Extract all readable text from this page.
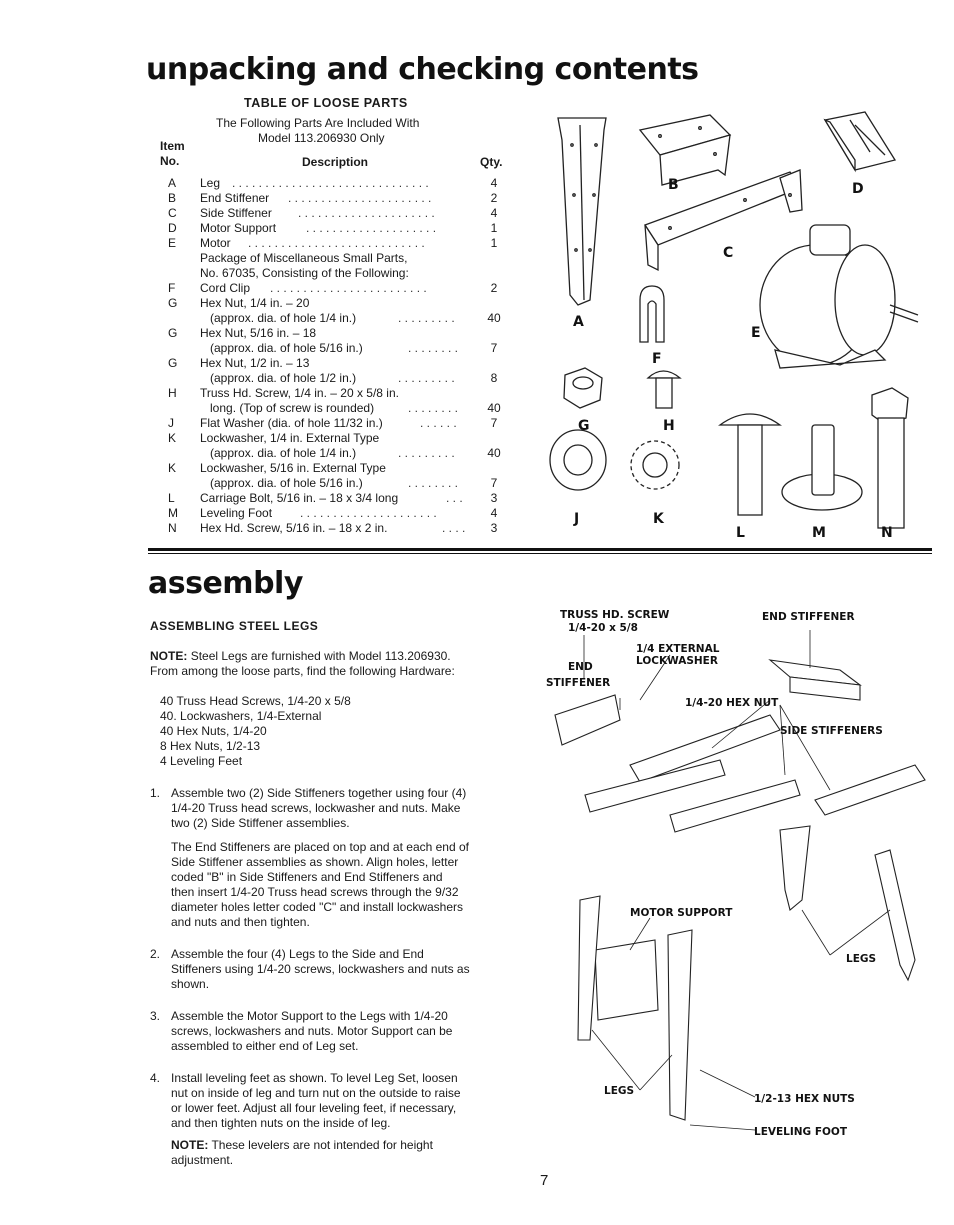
unpacking and checking contents
TABLE OF LOOSE PARTS
The Following Parts Are Included With
Model 113.206930 Only
Item
No.	Description	Qty.
A	Leg . . . . . . . . . . . . . . . . . . . . . . . . . . . . . .	4
B	End Stiffener . . . . . . . . . . . . . . . . . . . . . .	2
C	Side Stiffener . . . . . . . . . . . . . . . . . . . . .	4
D	Motor Support . . . . . . . . . . . . . . . . . . . .	1
E	Motor . . . . . . . . . . . . . . . . . . . . . . . . . . .	1
Package of Miscellaneous Small Parts,
No. 67035, Consisting of the Following:
F	Cord Clip . . . . . . . . . . . . . . . . . . . . . . . .	2
G	Hex Nut, 1/4 in. – 20
(approx. dia. of hole 1/4 in.)	. . . . . . . . .	40
G	Hex Nut, 5/16 in. – 18
(approx. dia. of hole 5/16 in.)	. . . . . . . .	7
G	Hex Nut, 1/2 in. – 13
(approx. dia. of hole 1/2 in.)	. . . . . . . . .	8
H	Truss Hd. Screw, 1/4 in. – 20 x 5/8 in.
long. (Top of screw is rounded)	. . . . . . . . 40
J	Flat Washer (dia. of hole 11/32 in.)	. . . . . .	7
K	Lockwasher, 1/4 in. External Type
(approx. dia. of hole 1/4 in.)	. . . . . . . . .	40
K	Lockwasher, 5/16 in. External Type
(approx. dia. of hole 5/16 in.)	. . . . . . . .	7
L	Carriage Bolt, 5/16 in. – 18 x 3/4 long	. . .	3
M	Leveling Foot . . . . . . . . . . . . . . . . . . . . .	4
N	Hex Hd. Screw, 5/16 in. – 18 x 2 in.	. . . .	3
A
B
C
D
E
F
G	H
J	K
L	M	N
assembly
ASSEMBLING STEEL LEGS
NOTE: Steel Legs are furnished with Model 113.206930.
From among the loose parts, find the following Hardware:
40 Truss Head Screws, 1/4-20 x 5/8
40. Lockwashers, 1/4-External
40 Hex Nuts, 1/4-20
8 Hex Nuts, 1/2-13
4 Leveling Feet
1. Assemble two (2) Side Stiffeners together using four (4)
1/4-20 Truss head screws, lockwasher and nuts. Make
two (2) Side Stiffener assemblies.
The End Stiffeners are placed on top and at each end of
Side Stiffener assemblies as shown. Align holes, letter
coded "B" in Side Stiffeners and End Stiffeners and
then insert 1/4-20 Truss head screws through the 9/32
diameter holes letter coded "C" and install lockwashers
and nuts and then tighten.
2. Assemble the four (4) Legs to the Side and End
Stiffeners using 1/4-20 screws, lockwashers and nuts as
shown.
3. Assemble the Motor Support to the Legs with 1/4-20
screws, lockwashers and nuts. Motor Support can be
assembled to either end of Leg set.
4. Install leveling feet as shown. To level Leg Set, loosen
nut on inside of leg and turn nut on the outside to raise
or lower feet. Adjust all four leveling feet, if necessary,
and then tighten nuts on the inside of leg.
NOTE: These levelers are not intended for height
adjustment.
TRUSS HD. SCREW
1/4-20 x 5/8
END STIFFENER
1/4 EXTERNAL
LOCKWASHER
END
STIFFENER
1/4-20 HEX NUT
SIDE STIFFENERS
MOTOR SUPPORT
LEGS
LEGS
1/2-13 HEX NUTS
LEVELING FOOT
7
